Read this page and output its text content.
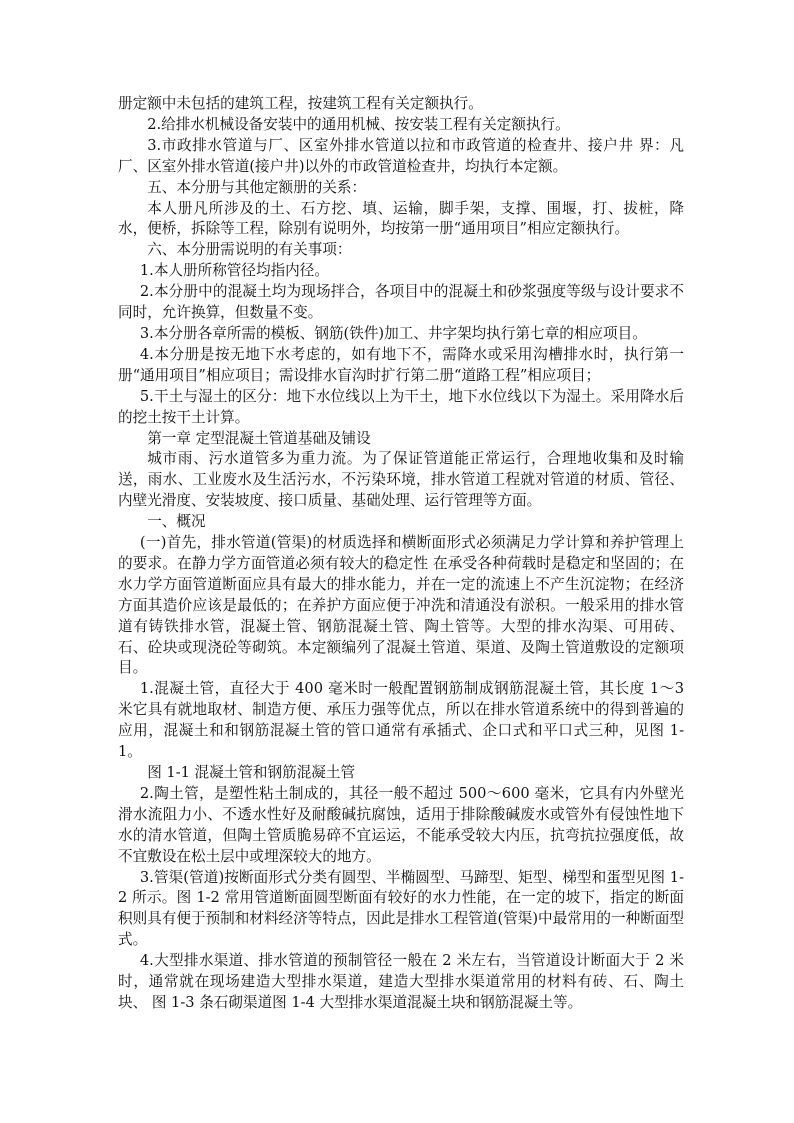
册定额中未包括的建筑工程，按建筑工程有关定额执行。

2.给排水机械设备安装中的通用机械、按安装工程有关定额执行。

3.市政排水管道与厂、区室外排水管道以拉和市政管道的检查井、接户井 界：凡厂、区室外排水管道(接户井)以外的市政管道检查井，均执行本定额。

五、本分册与其他定额册的关系：

本人册凡所涉及的土、石方挖、填、运输，脚手架，支撑、围堰，打、拔桩，降水，便桥，拆除等工程，除别有说明外，均按第一册“通用项目”相应定额执行。

六、本分册需说明的有关事项：

1.本人册所称管径均指内径。

2.本分册中的混凝土均为现场拌合，各项目中的混凝土和砂浆强度等级与设计要求不同时，允许换算，但数量不变。

3.本分册各章所需的模板、钢筋(铁件)加工、井字架均执行第七章的相应项目。

4.本分册是按无地下水考虑的，如有地下不，需降水或采用沟槽排水时，执行第一册“通用项目”相应项目；需设排水盲沟时扩行第二册“道路工程”相应项目；

5.干土与湿土的区分：地下水位线以上为干土，地下水位线以下为湿土。采用降水后的挖土按干土计算。

第一章 定型混凝土管道基础及铺设

城市雨、污水道管多为重力流。为了保证管道能正常运行，合理地收集和及时输送，雨水、工业废水及生活污水，不污染环境，排水管道工程就对管道的材质、管径、内壁光滑度、安装坡度、接口质量、基础处理、运行管理等方面。

一、概况

(一)首先，排水管道(管渠)的材质选择和横断面形式必须满足力学计算和养护管理上的要求。在静力学方面管道必须有较大的稳定性 在承受各种荷载时是稳定和坚固的；在水力学方面管道断面应具有最大的排水能力，并在一定的流速上不产生沉淀物；在经济方面其造价应该是最低的；在养护方面应便于冲洗和清通没有淤积。一般采用的排水管道有铸铁排水管，混凝土管、钢筋混凝土管、陶土管等。大型的排水沟渠、可用砖、石、砼块或现浇砼等砌筑。本定额编列了混凝土管道、渠道、及陶土管道敷设的定额项目。

1.混凝土管，直径大于 400 毫米时一般配置钢筋制成钢筋混凝土管，其长度 1～3 米它具有就地取材、制造方便、承压力强等优点，所以在排水管道系统中的得到普遍的应用，混凝土和和钢筋混凝土管的管口通常有承插式、企口式和平口式三种，见图 1-1。

图 1-1 混凝土管和钢筋混凝土管

2.陶土管，是塑性粘土制成的，其径一般不超过 500～600 毫米，它具有内外壁光滑水流阻力小、不透水性好及耐酸碱抗腐蚀，适用于排除酸碱废水或管外有侵蚀性地下水的清水管道，但陶土管质脆易碎不宜运运，不能承受较大内压，抗弯抗拉强度低，故不宜敷设在松土层中或埋深较大的地方。

3.管渠(管道)按断面形式分类有圆型、半椭圆型、马蹄型、矩型、梯型和蛋型见图 1-2 所示。图 1-2 常用管道断面圆型断面有较好的水力性能，在一定的坡下，指定的断面积则具有便于预制和材料经济等特点，因此是排水工程管道(管渠)中最常用的一种断面型式。

4.大型排水渠道、排水管道的预制管径一般在 2 米左右，当管道设计断面大于 2 米时，通常就在现场建造大型排水渠道，建造大型排水渠道常用的材料有砖、石、陶土块、 图 1-3 条石砌渠道图 1-4 大型排水渠道混凝土块和钢筋混凝土等。
